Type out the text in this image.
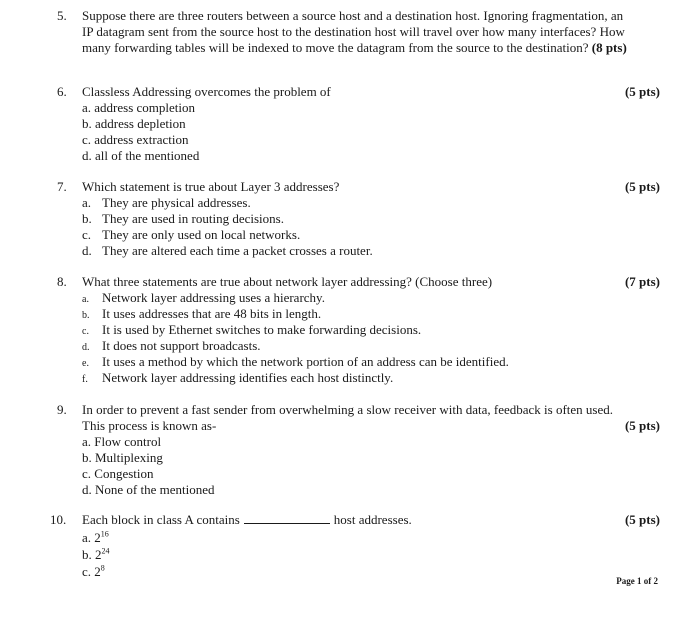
5. Suppose there are three routers between a source host and a destination host. Ignoring fragmentation, an
IP datagram sent from the source host to the destination host will travel over how many interfaces? How
many forwarding tables will be indexed to move the datagram from the source to the destination? (8 pts)
6. Classless Addressing overcomes the problem of	(5 pts)
a. address completion
b. address depletion
c. address extraction
d. all of the mentioned
7. Which statement is true about Layer 3 addresses?	(5 pts)
a. They are physical addresses.
b. They are used in routing decisions.
c. They are only used on local networks.
d. They are altered each time a packet crosses a router.
8. What three statements are true about network layer addressing? (Choose three)	(7 pts)
a. Network layer addressing uses a hierarchy.
b. It uses addresses that are 48 bits in length.
c. It is used by Ethernet switches to make forwarding decisions.
d. It does not support broadcasts.
e. It uses a method by which the network portion of an address can be identified.
f. Network layer addressing identifies each host distinctly.
9. In order to prevent a fast sender from overwhelming a slow receiver with data, feedback is often used.
This process is known as-	(5 pts)
a. Flow control
b. Multiplexing
c. Congestion
d. None of the mentioned
10. Each block in class A contains	host addresses.	(5 pts)
a. $2^{16}$
b. $2^{24}$
c. $2^8$
Page 1 of 2
